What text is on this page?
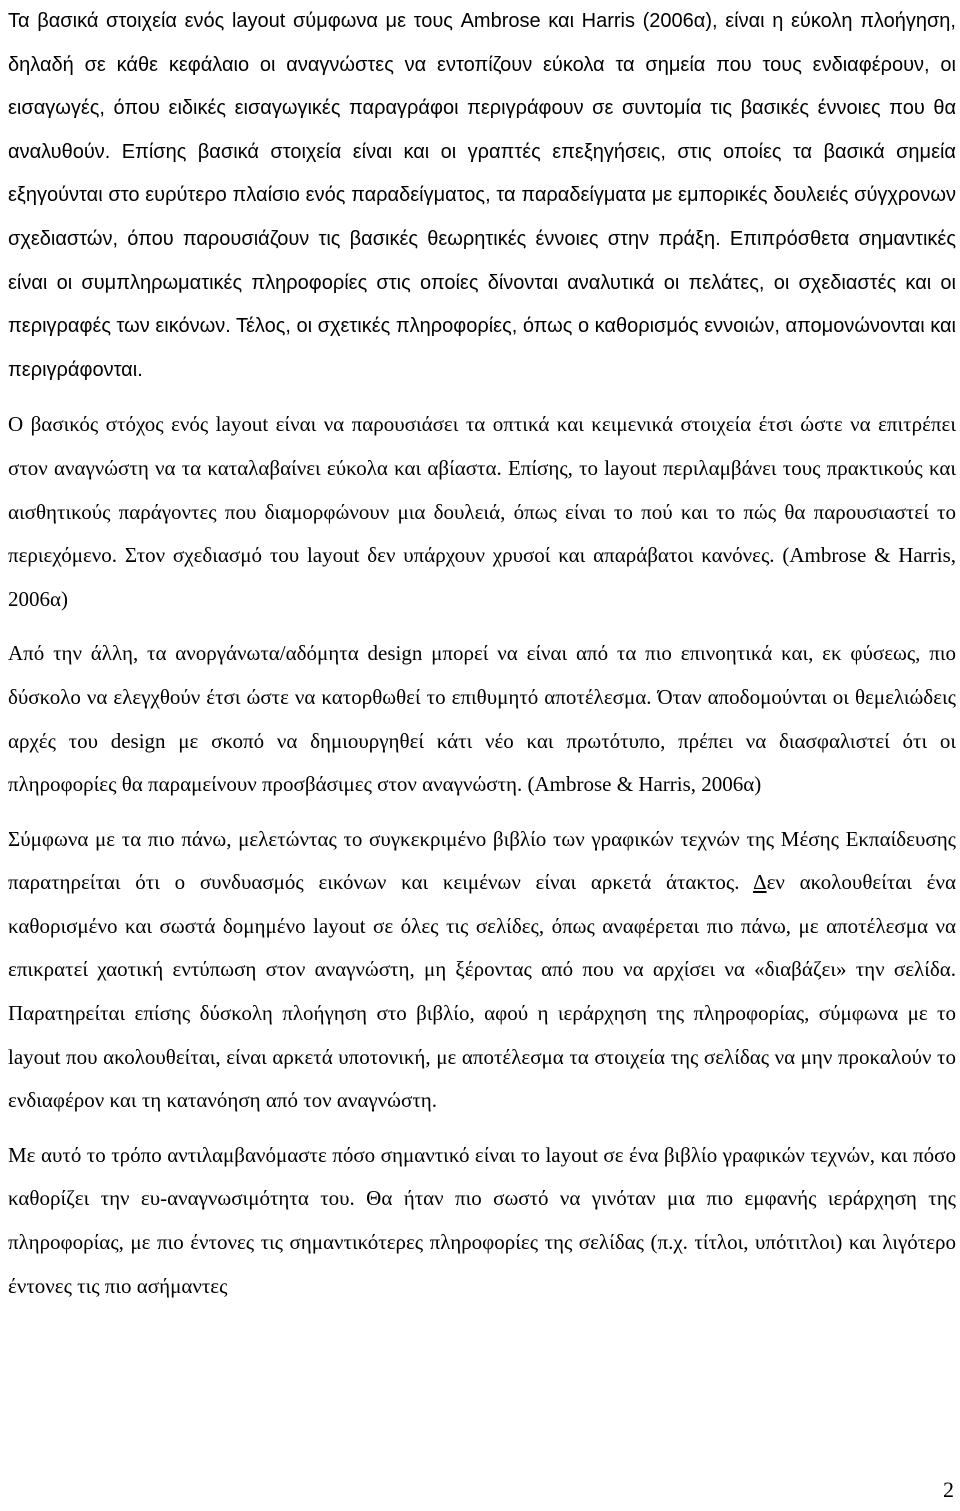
Τα βασικά στοιχεία ενός layout σύμφωνα με τους Ambrose και Harris (2006α), είναι η εύκολη πλοήγηση, δηλαδή σε κάθε κεφάλαιο οι αναγνώστες να εντοπίζουν εύκολα τα σημεία που τους ενδιαφέρουν, οι εισαγωγές, όπου ειδικές εισαγωγικές παραγράφοι περιγράφουν σε συντομία τις βασικές έννοιες που θα αναλυθούν. Επίσης βασικά στοιχεία είναι και οι γραπτές επεξηγήσεις, στις οποίες τα βασικά σημεία εξηγούνται στο ευρύτερο πλαίσιο ενός παραδείγματος, τα παραδείγματα με εμπορικές δουλειές σύγχρονων σχεδιαστών, όπου παρουσιάζουν τις βασικές θεωρητικές έννοιες στην πράξη. Επιπρόσθετα σημαντικές είναι οι συμπληρωματικές πληροφορίες στις οποίες δίνονται αναλυτικά οι πελάτες, οι σχεδιαστές και οι περιγραφές των εικόνων. Τέλος, οι σχετικές πληροφορίες, όπως ο καθορισμός εννοιών, απομονώνονται και περιγράφονται.

Ο βασικός στόχος ενός layout είναι να παρουσιάσει τα οπτικά και κειμενικά στοιχεία έτσι ώστε να επιτρέπει στον αναγνώστη να τα καταλαβαίνει εύκολα και αβίαστα. Επίσης, το layout περιλαμβάνει τους πρακτικούς και αισθητικούς παράγοντες που διαμορφώνουν μια δουλειά, όπως είναι το πού και το πώς θα παρουσιαστεί το περιεχόμενο. Στον σχεδιασμό του layout δεν υπάρχουν χρυσοί και απαράβατοι κανόνες. (Ambrose & Harris, 2006α)

Από την άλλη, τα ανοργάνωτα/αδόμητα design μπορεί να είναι από τα πιο επινοητικά και, εκ φύσεως, πιο δύσκολο να ελεγχθούν έτσι ώστε να κατορθωθεί το επιθυμητό αποτέλεσμα. Όταν αποδομούνται οι θεμελιώδεις αρχές του design με σκοπό να δημιουργηθεί κάτι νέο και πρωτότυπο, πρέπει να διασφαλιστεί ότι οι πληροφορίες θα παραμείνουν προσβάσιμες στον αναγνώστη. (Ambrose & Harris, 2006α)

Σύμφωνα με τα πιο πάνω, μελετώντας το συγκεκριμένο βιβλίο των γραφικών τεχνών της Μέσης Εκπαίδευσης παρατηρείται ότι ο συνδυασμός εικόνων και κειμένων είναι αρκετά άτακτος. Δεν ακολουθείται ένα καθορισμένο και σωστά δομημένο layout σε όλες τις σελίδες, όπως αναφέρεται πιο πάνω, με αποτέλεσμα να επικρατεί χαοτική εντύπωση στον αναγνώστη, μη ξέροντας από που να αρχίσει να «διαβάζει» την σελίδα. Παρατηρείται επίσης δύσκολη πλοήγηση στο βιβλίο, αφού η ιεράρχηση της πληροφορίας, σύμφωνα με το layout που ακολουθείται, είναι αρκετά υποτονική, με αποτέλεσμα τα στοιχεία της σελίδας να μην προκαλούν το ενδιαφέρον και τη κατανόηση από τον αναγνώστη.

Με αυτό το τρόπο αντιλαμβανόμαστε πόσο σημαντικό είναι το layout σε ένα βιβλίο γραφικών τεχνών, και πόσο καθορίζει την ευ-αναγνωσιμότητα του. Θα ήταν πιο σωστό να γινόταν μια πιο εμφανής ιεράρχηση της πληροφορίας, με πιο έντονες τις σημαντικότερες πληροφορίες της σελίδας (π.χ. τίτλοι, υπότιτλοι) και λιγότερο έντονες τις πιο ασήμαντες

2
